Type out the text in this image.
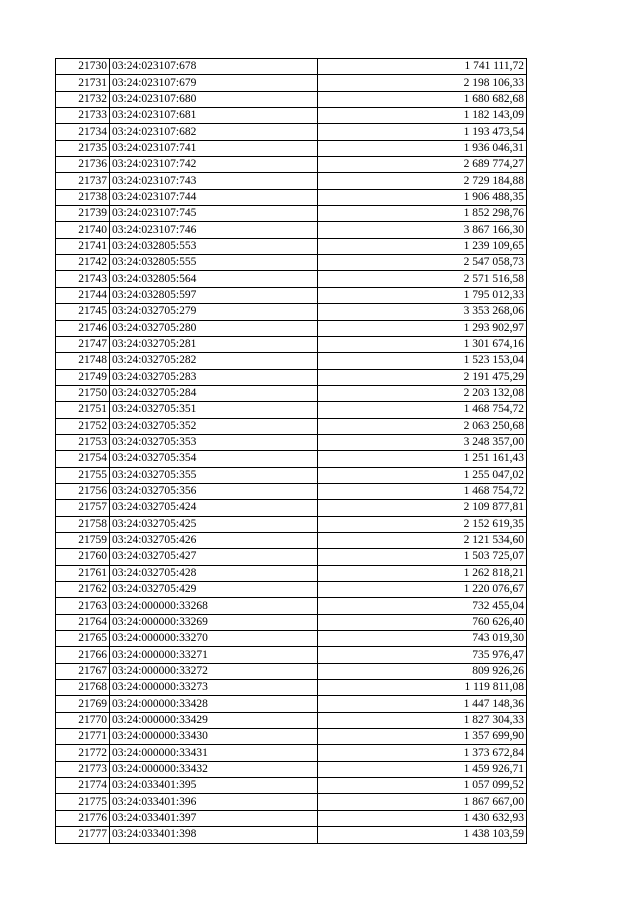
21730	03:24:023107:678	1 741 111,72
21731	03:24:023107:679	2 198 106,33
21732	03:24:023107:680	1 680 682,68
21733	03:24:023107:681	1 182 143,09
21734	03:24:023107:682	1 193 473,54
21735	03:24:023107:741	1 936 046,31
21736	03:24:023107:742	2 689 774,27
21737	03:24:023107:743	2 729 184,88
21738	03:24:023107:744	1 906 488,35
21739	03:24:023107:745	1 852 298,76
21740	03:24:023107:746	3 867 166,30
21741	03:24:032805:553	1 239 109,65
21742	03:24:032805:555	2 547 058,73
21743	03:24:032805:564	2 571 516,58
21744	03:24:032805:597	1 795 012,33
21745	03:24:032705:279	3 353 268,06
21746	03:24:032705:280	1 293 902,97
21747	03:24:032705:281	1 301 674,16
21748	03:24:032705:282	1 523 153,04
21749	03:24:032705:283	2 191 475,29
21750	03:24:032705:284	2 203 132,08
21751	03:24:032705:351	1 468 754,72
21752	03:24:032705:352	2 063 250,68
21753	03:24:032705:353	3 248 357,00
21754	03:24:032705:354	1 251 161,43
21755	03:24:032705:355	1 255 047,02
21756	03:24:032705:356	1 468 754,72
21757	03:24:032705:424	2 109 877,81
21758	03:24:032705:425	2 152 619,35
21759	03:24:032705:426	2 121 534,60
21760	03:24:032705:427	1 503 725,07
21761	03:24:032705:428	1 262 818,21
21762	03:24:032705:429	1 220 076,67
21763	03:24:000000:33268	732 455,04
21764	03:24:000000:33269	760 626,40
21765	03:24:000000:33270	743 019,30
21766	03:24:000000:33271	735 976,47
21767	03:24:000000:33272	809 926,26
21768	03:24:000000:33273	1 119 811,08
21769	03:24:000000:33428	1 447 148,36
21770	03:24:000000:33429	1 827 304,33
21771	03:24:000000:33430	1 357 699,90
21772	03:24:000000:33431	1 373 672,84
21773	03:24:000000:33432	1 459 926,71
21774	03:24:033401:395	1 057 099,52
21775	03:24:033401:396	1 867 667,00
21776	03:24:033401:397	1 430 632,93
21777	03:24:033401:398	1 438 103,59
